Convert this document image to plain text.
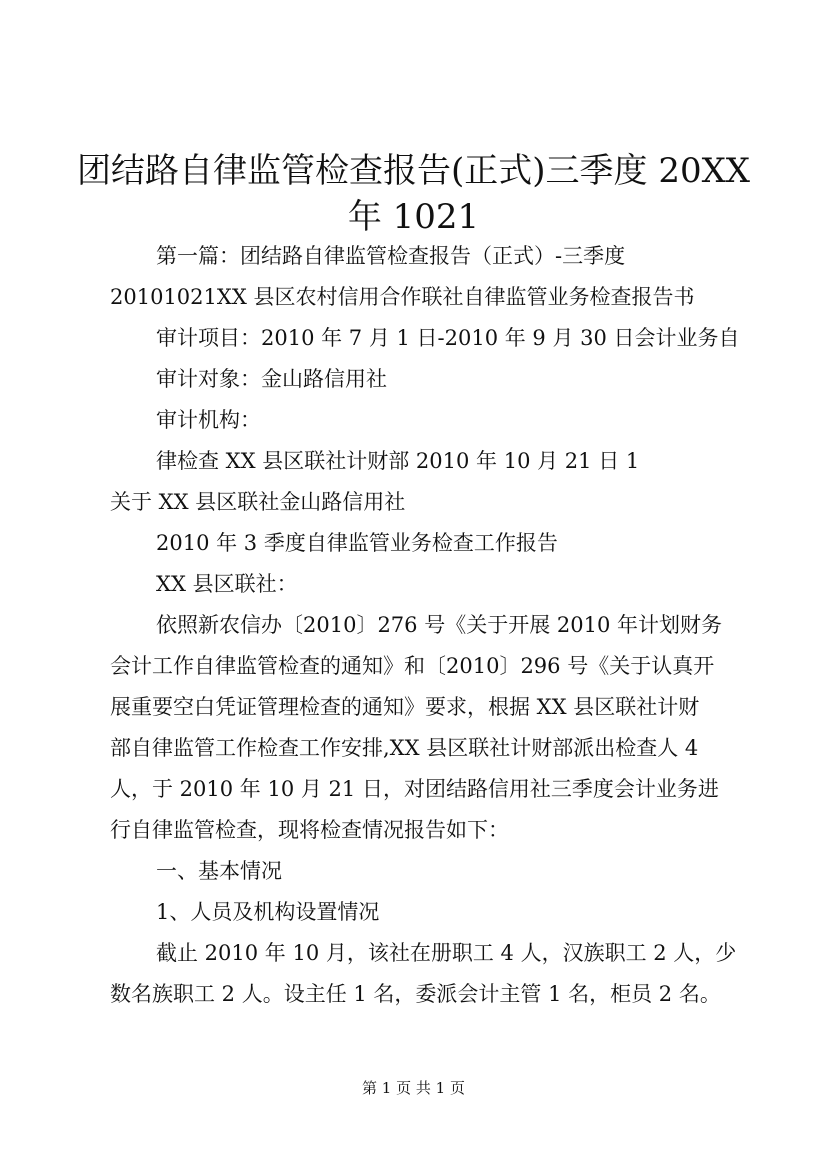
团结路自律监管检查报告(正式)三季度 20XX
年 1021
第一篇：团结路自律监管检查报告（正式）-三季度
20101021XX 县区农村信用合作联社自律监管业务检查报告书
审计项目：2010 年 7 月 1 日-2010 年 9 月 30 日会计业务自
审计对象：金山路信用社
审计机构：
律检查 XX 县区联社计财部 2010 年 10 月 21 日 1
关于 XX 县区联社金山路信用社
2010 年 3 季度自律监管业务检查工作报告
XX 县区联社：
依照新农信办〔2010〕276 号《关于开展 2010 年计划财务
会计工作自律监管检查的通知》和〔2010〕296 号《关于认真开
展重要空白凭证管理检查的通知》要求，根据 XX 县区联社计财
部自律监管工作检查工作安排,XX 县区联社计财部派出检查人 4
人，于 2010 年 10 月 21 日，对团结路信用社三季度会计业务进
行自律监管检查，现将检查情况报告如下：
一、基本情况
1、人员及机构设置情况
截止 2010 年 10 月，该社在册职工 4 人，汉族职工 2 人，少
数名族职工 2 人。设主任 1 名，委派会计主管 1 名，柜员 2 名。
第 1 页 共 1 页
